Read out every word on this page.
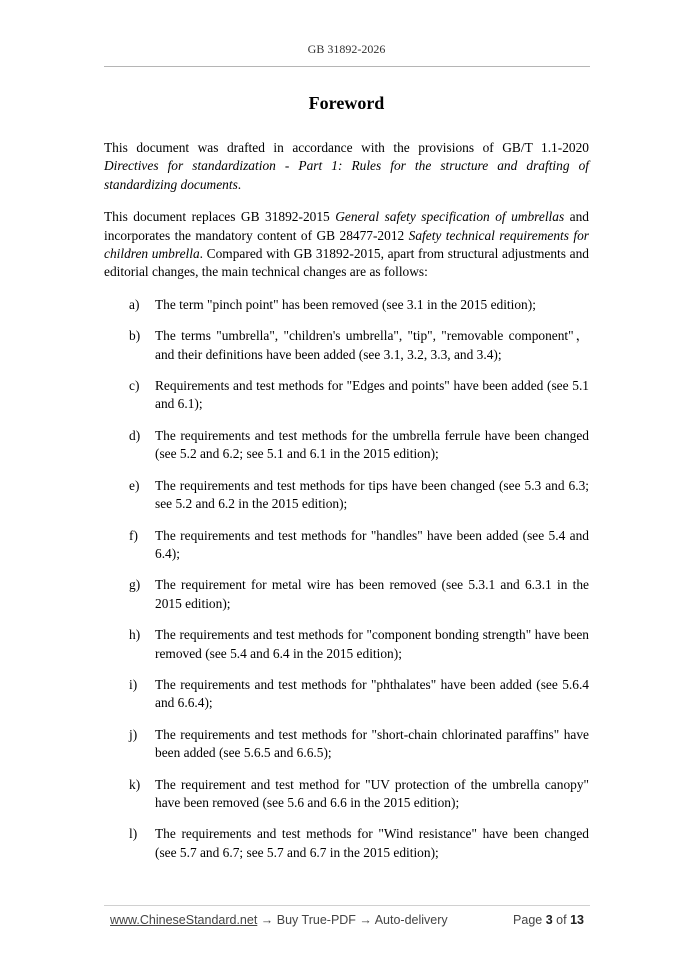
GB 31892-2026
Foreword

This document was drafted in accordance with the provisions of GB/T 1.1-2020 Directives for standardization - Part 1: Rules for the structure and drafting of standardizing documents.

This document replaces GB 31892-2015 General safety specification of umbrellas and incorporates the mandatory content of GB 28477-2012 Safety technical requirements for children umbrella. Compared with GB 31892-2015, apart from structural adjustments and editorial changes, the main technical changes are as follows:

a) The term "pinch point" has been removed (see 3.1 in the 2015 edition);
b) The terms "umbrella", "children's umbrella", "tip", "removable component"，and their definitions have been added (see 3.1, 3.2, 3.3, and 3.4);
c) Requirements and test methods for "Edges and points" have been added (see 5.1 and 6.1);
d) The requirements and test methods for the umbrella ferrule have been changed (see 5.2 and 6.2; see 5.1 and 6.1 in the 2015 edition);
e) The requirements and test methods for tips have been changed (see 5.3 and 6.3; see 5.2 and 6.2 in the 2015 edition);
f) The requirements and test methods for "handles" have been added (see 5.4 and 6.4);
g) The requirement for metal wire has been removed (see 5.3.1 and 6.3.1 in the 2015 edition);
h) The requirements and test methods for "component bonding strength" have been removed (see 5.4 and 6.4 in the 2015 edition);
i) The requirements and test methods for "phthalates" have been added (see 5.6.4 and 6.6.4);
j) The requirements and test methods for "short-chain chlorinated paraffins" have been added (see 5.6.5 and 6.6.5);
k) The requirement and test method for "UV protection of the umbrella canopy" have been removed (see 5.6 and 6.6 in the 2015 edition);
l) The requirements and test methods for "Wind resistance" have been changed (see 5.7 and 6.7; see 5.7 and 6.7 in the 2015 edition);
www.ChineseStandard.net → Buy True-PDF → Auto-delivery	Page 3 of 13
